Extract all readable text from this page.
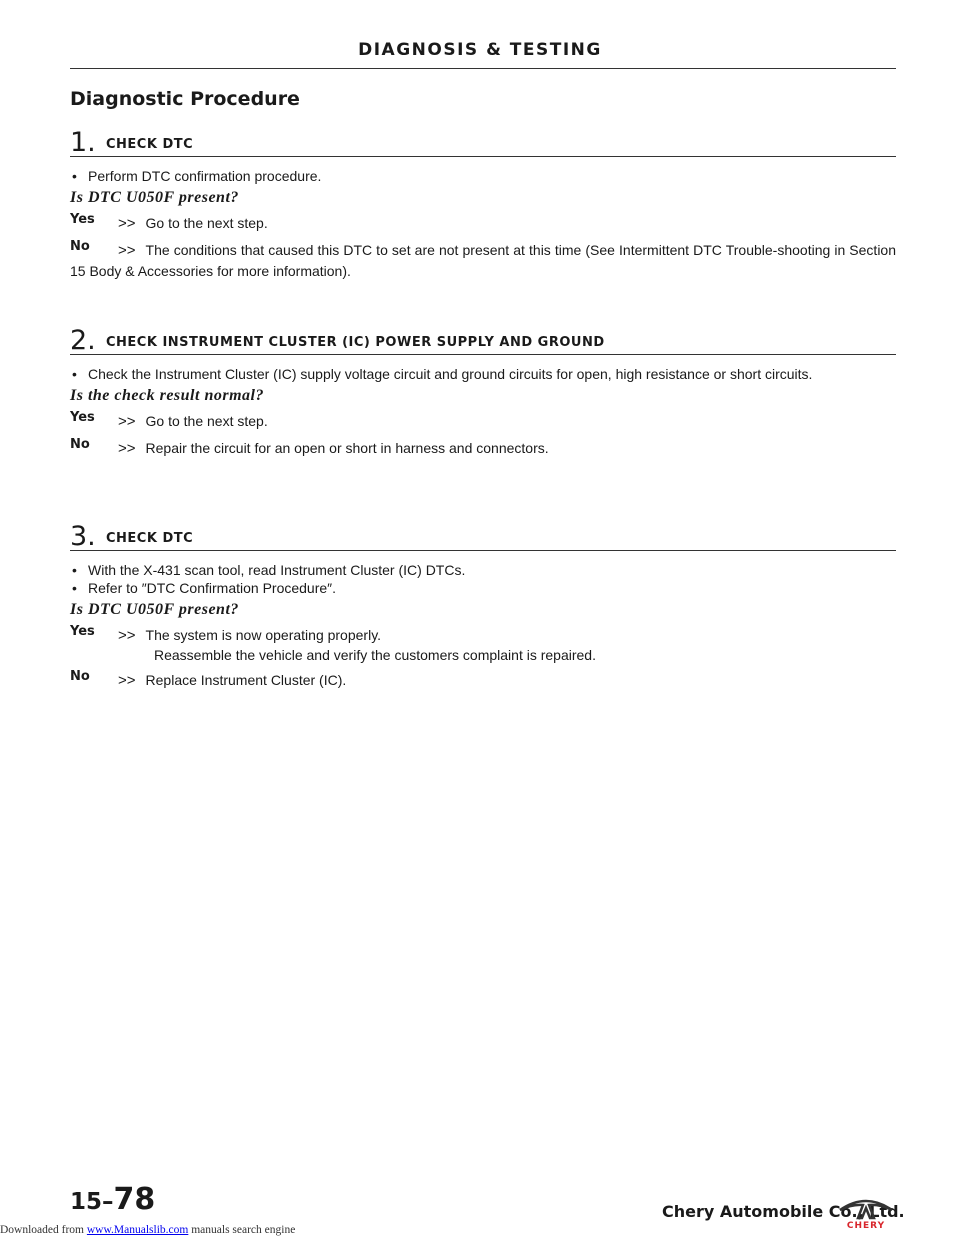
DIAGNOSIS & TESTING
Diagnostic Procedure
1. CHECK DTC
• Perform DTC confirmation procedure.
Is DTC U050F present?
Yes >> Go to the next step.
No	>> The conditions that caused this DTC to set are not present at this time (See Intermittent DTC Trouble-shooting in Section 15 Body & Accessories for more information).
2. CHECK INSTRUMENT CLUSTER (IC) POWER SUPPLY AND GROUND
• Check the Instrument Cluster (IC) supply voltage circuit and ground circuits for open, high resistance or short circuits.
Is the check result normal?
Yes >> Go to the next step.
No >> Repair the circuit for an open or short in harness and connectors.
3. CHECK DTC
• With the X-431 scan tool, read Instrument Cluster (IC) DTCs.
• Refer to ″DTC Confirmation Procedure″.
Is DTC U050F present?
Yes >> The system is now operating properly.
Reassemble the vehicle and verify the customers complaint is repaired.
No >> Replace Instrument Cluster (IC).
15–78	Chery Automobile Co., Ltd.
CHERY
Downloaded from www.Manualslib.com manuals search engine
